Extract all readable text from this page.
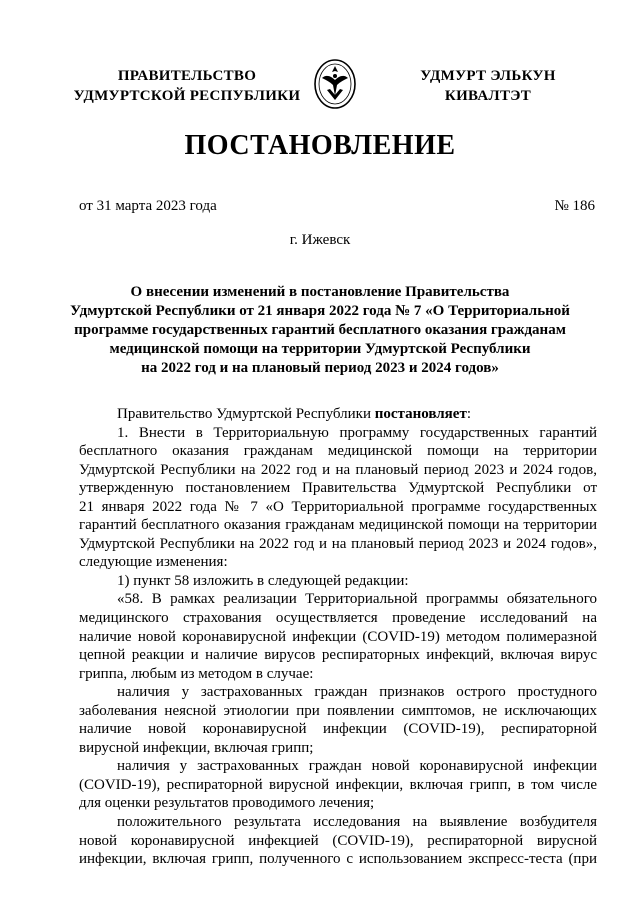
ПРАВИТЕЛЬСТВО
УДМУРТСКОЙ РЕСПУБЛИКИ
УДМУРТ ЭЛЬКУН
КИВАЛТЭТ
ПОСТАНОВЛЕНИЕ
от 31 марта 2023 года	№ 186
г. Ижевск
О внесении изменений в постановление Правительства
Удмуртской Республики от 21 января 2022 года № 7 «О Территориальной
программе государственных гарантий бесплатного оказания гражданам
медицинской помощи на территории Удмуртской Республики
на 2022 год и на плановый период 2023 и 2024 годов»
Правительство Удмуртской Республики постановляет:
1. Внести в Территориальную программу государственных гарантий
бесплатного оказания гражданам медицинской помощи на территории
Удмуртской Республики на 2022 год и на плановый период 2023 и 2024 годов,
утвержденную постановлением Правительства Удмуртской Республики от
21 января 2022 года № 7 «О Территориальной программе государственных
гарантий бесплатного оказания гражданам медицинской помощи на территории
Удмуртской Республики на 2022 год и на плановый период 2023 и 2024 годов»,
следующие изменения:
1) пункт 58 изложить в следующей редакции:
«58. В рамках реализации Территориальной программы обязательного
медицинского страхования осуществляется проведение исследований на
наличие новой коронавирусной инфекции (COVID-19) методом полимеразной
цепной реакции и наличие вирусов респираторных инфекций, включая вирус
гриппа, любым из методом в случае:
наличия у застрахованных граждан признаков острого простудного
заболевания неясной этиологии при появлении симптомов, не исключающих
наличие новой коронавирусной инфекции (COVID-19), респираторной
вирусной инфекции, включая грипп;
наличия у застрахованных граждан новой коронавирусной инфекции
(COVID-19), респираторной вирусной инфекции, включая грипп, в том числе
для оценки результатов проводимого лечения;
положительного результата исследования на выявление возбудителя
новой коронавирусной инфекцией (COVID-19), респираторной вирусной
инфекции, включая грипп, полученного с использованием экспресс-теста (при
